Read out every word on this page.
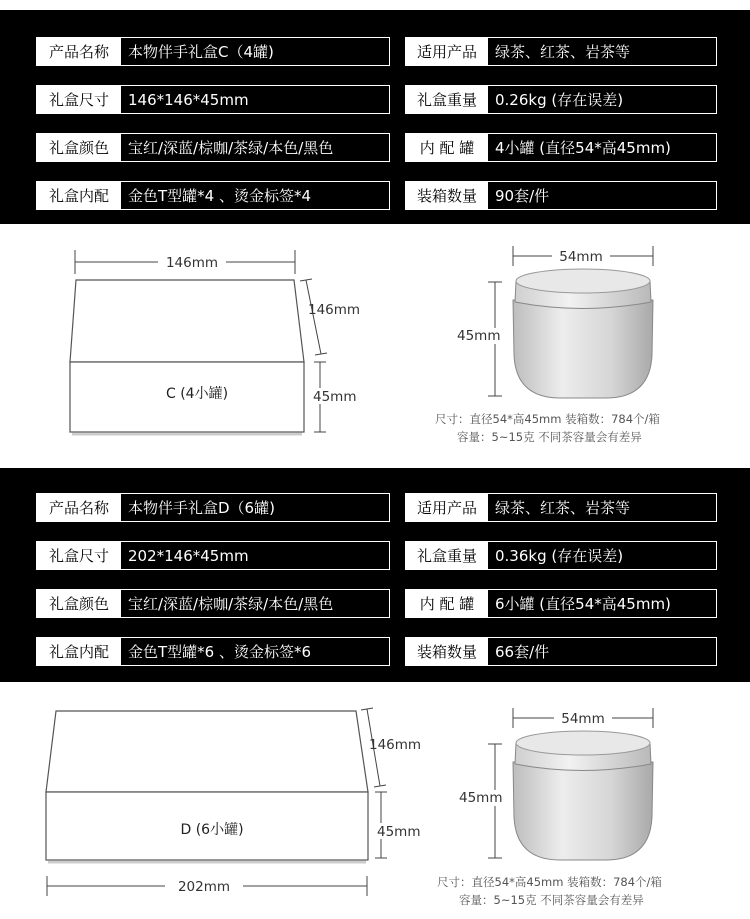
产品名称	本物伴手礼盒C（4罐)	适用产品	绿茶、红茶、岩茶等
礼盒尺寸	146*146*45mm	礼盒重量	0.26kg (存在误差)
礼盒颜色	宝红/深蓝/棕咖/茶绿/本色/黑色	内 配 罐	4小罐 (直径54*高45mm)
礼盒内配	金色T型罐*4 、烫金标签*4	装箱数量	90套/件
产品名称	本物伴手礼盒D（6罐)	适用产品	绿茶、红茶、岩茶等
礼盒尺寸	202*146*45mm	礼盒重量	0.36kg (存在误差)
礼盒颜色	宝红/深蓝/棕咖/茶绿/本色/黑色	内 配 罐	6小罐 (直径54*高45mm)
礼盒内配	金色T型罐*6 、烫金标签*6	装箱数量	66套/件
146mm
C (4小罐)
146mm
45mm
54mm
45mm
尺寸：直径54*高45mm 装箱数：784个/箱
容量：5~15克 不同茶容量会有差异
D (6小罐)
146mm
45mm
202mm
54mm
45mm
尺寸：直径54*高45mm 装箱数：784个/箱
容量：5~15克 不同茶容量会有差异
